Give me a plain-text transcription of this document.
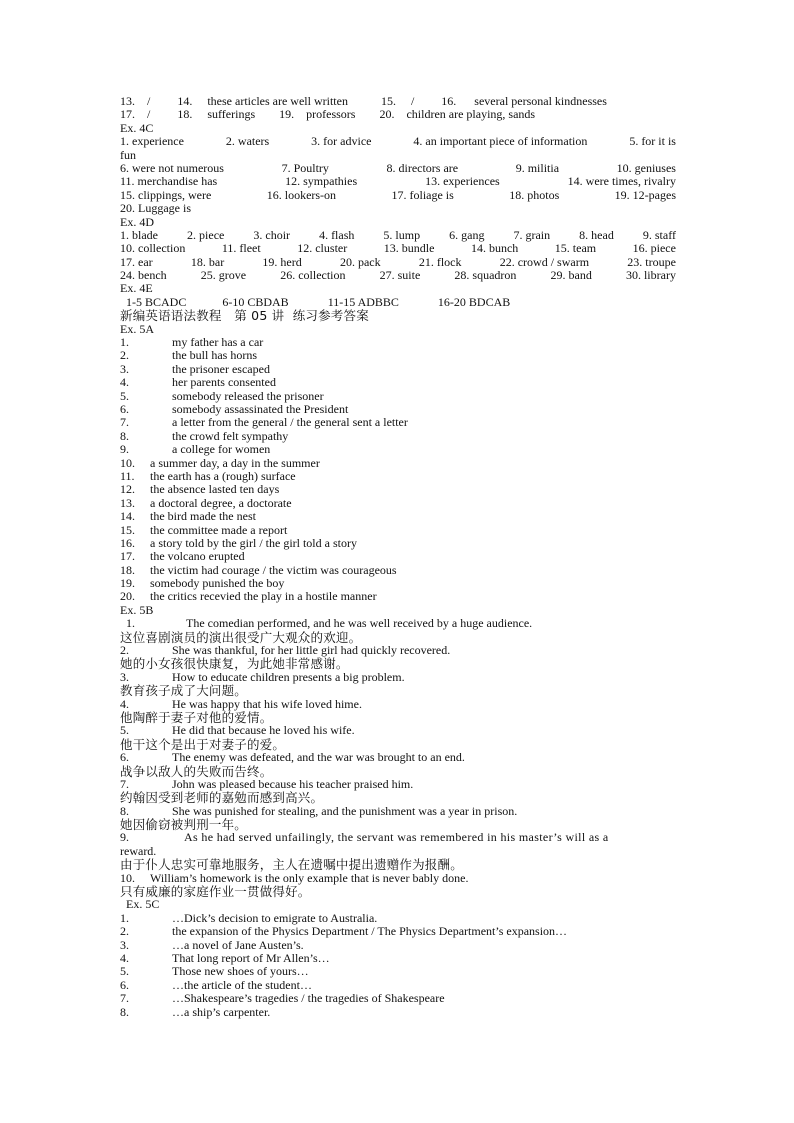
13. / 14. these articles are well written	15. / 16. several personal kindnesses
17. / 18. sufferings 19. professors 20. children are playing, sands
Ex. 4C
1. experience	2. waters	3. for advice	4. an important piece of information	5. for it is
fun
6. were not numerous	7. Poultry	8. directors are	9. militia	10. geniuses
11. merchandise has	12. sympathies	13. experiences	14. were times, rivalry
15. clippings, were	16. lookers-on	17. foliage is	18. photos	19. 12-pages
20. Luggage is
Ex. 4D
1. blade 2. piece 3. choir 4. flash 5. lump 6. gang 7. grain 8. head 9. staff
10. collection	11. fleet	12. cluster	13. bundle	14. bunch	15. team	16. piece
17. ear	18. bar	19. herd	20. pack	21. flock	22. crowd / swarm	23. troupe
24. bench	25. grove	26. collection	27. suite	28. squadron	29. band	30. library
Ex. 4E
1-5 BCADC	6-10 CBDAB	11-15 ADBBC	16-20 BDCAB
新编英语语法教程　第 05 讲  练习参考答案
Ex. 5A
1.	my father has a car
2.	the bull has horns
3.	the prisoner escaped
4.	her parents consented
5.	somebody released the prisoner
6.	somebody assassinated the President
7.	a letter from the general / the general sent a letter
8.	the crowd felt sympathy
9.	a college for women
10. a summer day, a day in the summer
11. the earth has a (rough) surface
12. the absence lasted ten days
13. a doctoral degree, a doctorate
14. the bird made the nest
15. the committee made a report
16. a story told by the girl / the girl told a story
17. the volcano erupted
18. the victim had courage / the victim was courageous
19. somebody punished the boy
20. the critics recevied the play in a hostile manner
Ex. 5B
1.	The comedian performed, and he was well received by a huge audience.
这位喜剧演员的演出很受广大观众的欢迎。
2.	She was thankful, for her little girl had quickly recovered.
她的小女孩很快康复，为此她非常感谢。
3.	How to educate children presents a big problem.
教育孩子成了大问题。
4.	He was happy that his wife loved hime.
他陶醉于妻子对他的爱情。
5.	He did that because he loved his wife.
他干这个是出于对妻子的爱。
6.	The enemy was defeated, and the war was brought to an end.
战争以敌人的失败而告终。
7.	John was pleased because his teacher praised him.
约翰因受到老师的嘉勉而感到高兴。
8.	She was punished for stealing, and the punishment was a year in prison.
她因偷窃被判刑一年。
9.	As he had served unfailingly, the servant was remembered in his master’s will as a
reward.
由于仆人忠实可靠地服务，主人在遗嘱中提出遗赠作为报酬。
10. William’s homework is the only example that is never bably done.
只有威廉的家庭作业一贯做得好。
Ex. 5C
1.	…Dick’s decision to emigrate to Australia.
2.	the expansion of the Physics Department / The Physics Department’s expansion…
3.	…a novel of Jane Austen’s.
4.	That long report of Mr Allen’s…
5.	Those new shoes of yours…
6.	…the article of the student…
7.	…Shakespeare’s tragedies / the tragedies of Shakespeare
8.	…a ship’s carpenter.
